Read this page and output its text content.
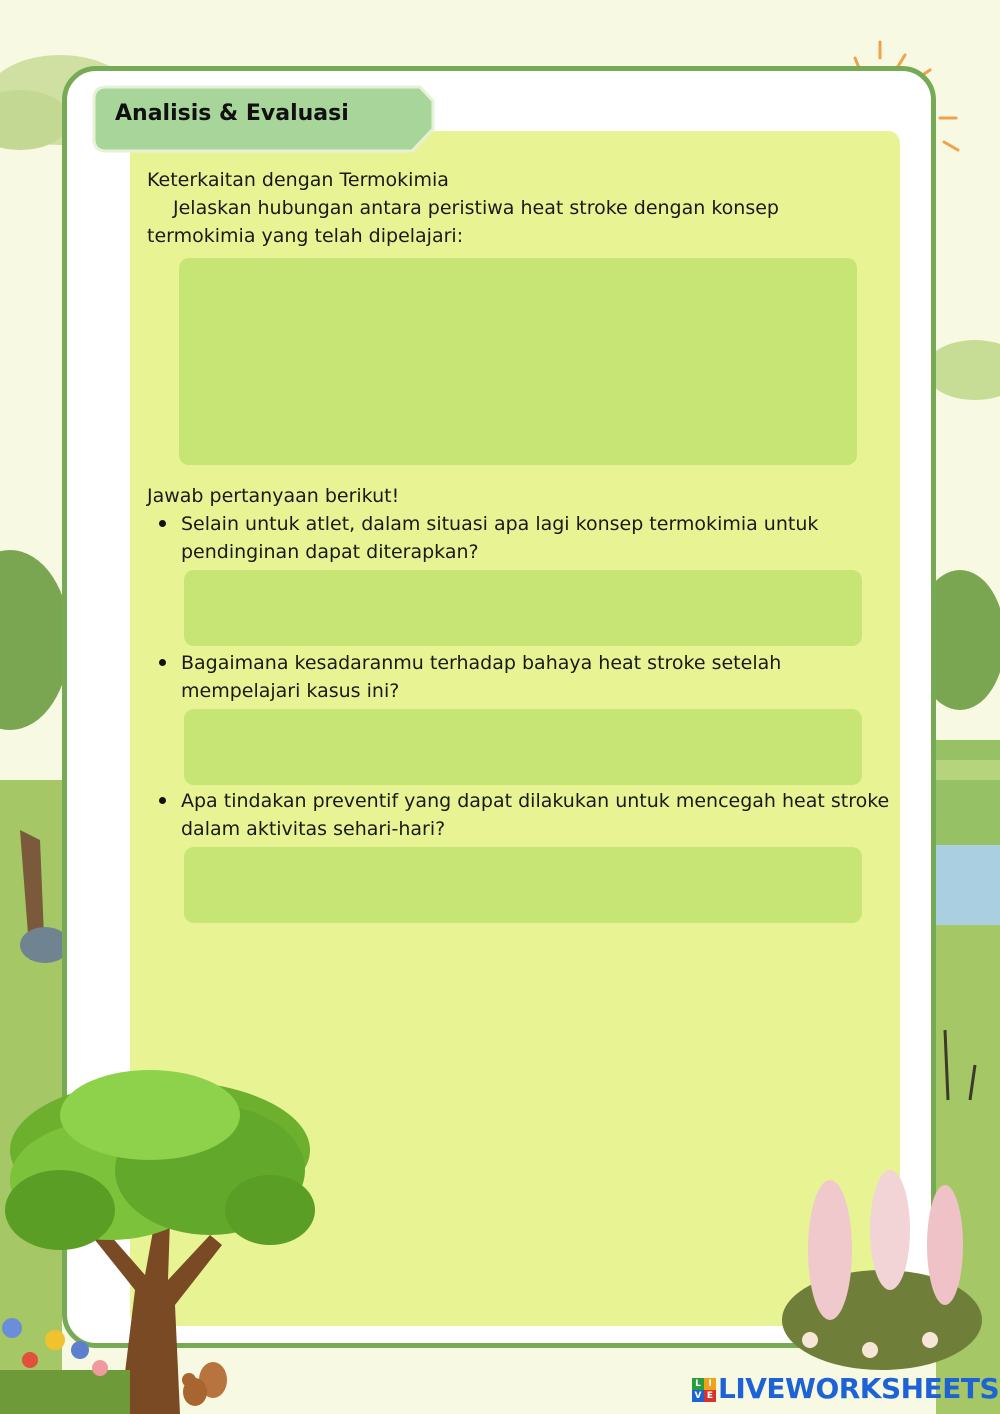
Analisis & Evaluasi
Keterkaitan dengan Termokimia
Jelaskan hubungan antara peristiwa heat stroke dengan konsep
termokimia yang telah dipelajari:
Jawab pertanyaan berikut!
Selain untuk atlet, dalam situasi apa lagi konsep termokimia untuk
pendinginan dapat diterapkan?
Bagaimana kesadaranmu terhadap bahaya heat stroke setelah
mempelajari kasus ini?
Apa tindakan preventif yang dapat dilakukan untuk mencegah heat stroke
dalam aktivitas sehari-hari?
L I
V E LIVEWORKSHEETS
